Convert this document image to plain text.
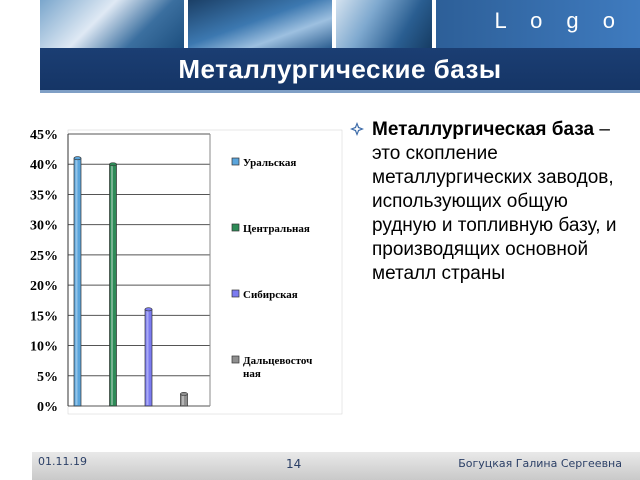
L o g o
Металлургические базы
0%
5%
10%
15%
20%
25%
30%
35%
40%
45%
Уральская
Центральная
Сибирская
Дальцевосточ
ная
Металлургическая база – это скопление металлургических заводов, использующих общую рудную и топливную базу, и производящих основной металл страны
01.11.19	14	Богуцкая Галина Сергеевна
